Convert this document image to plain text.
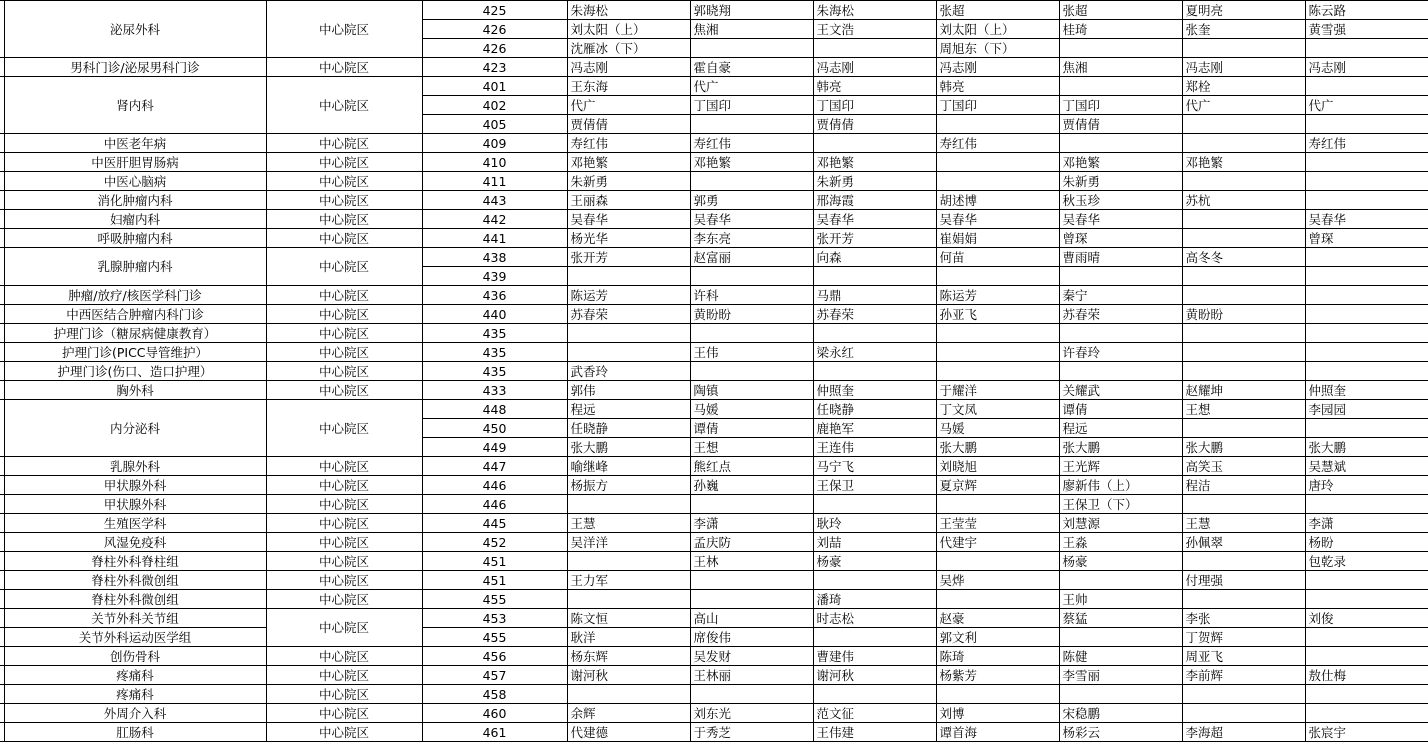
	泌尿外科	中心院区	425	朱海松	郭晓翔	朱海松	张超	张超	夏明亮	陈云路
			426	刘太阳（上）	焦湘	王文浩	刘太阳（上）	桂琦	张奎	黄雪强
			426	沈雁冰（下）			周旭东（下）			
	男科门诊/泌尿男科门诊	中心院区	423	冯志刚	霍自豪	冯志刚	冯志刚	焦湘	冯志刚	冯志刚
	肾内科	中心院区	401	王东海	代广	韩亮	韩亮		郑栓	
			402	代广	丁国印	丁国印	丁国印	丁国印	代广	代广
			405	贾倩倩		贾倩倩		贾倩倩		
	中医老年病	中心院区	409	寿红伟	寿红伟		寿红伟			寿红伟
	中医肝胆胃肠病	中心院区	410	邓艳繁	邓艳繁	邓艳繁		邓艳繁	邓艳繁	
	中医心脑病	中心院区	411	朱新勇		朱新勇		朱新勇		
	消化肿瘤内科	中心院区	443	王丽森	郭勇	邢海霞	胡述博	秋玉珍	苏杭	
	妇瘤内科	中心院区	442	吴春华	吴春华	吴春华	吴春华	吴春华		吴春华
	呼吸肿瘤内科	中心院区	441	杨光华	李东亮	张开芳	崔娟娟	曾琛		曾琛
	乳腺肿瘤内科	中心院区	438	张开芳	赵富丽	向森	何苗	曹雨晴	高冬冬	
			439							
	肿瘤/放疗/核医学科门诊	中心院区	436	陈运芳	许科	马鼎	陈运芳	秦宁		
	中西医结合肿瘤内科门诊	中心院区	440	苏春荣	黄盼盼	苏春荣	孙亚飞	苏春荣	黄盼盼	
	护理门诊（糖尿病健康教育）	中心院区	435							
	护理门诊(PICC导管维护）	中心院区	435		王伟	梁永红		许春玲		
	护理门诊(伤口、造口护理）	中心院区	435	武香玲						
	胸外科	中心院区	433	郭伟	陶镇	仲照奎	于耀洋	关耀武	赵耀坤	仲照奎
	内分泌科	中心院区	448	程远	马媛	任晓静	丁文凤	谭倩	王想	李园园
			450	任晓静	谭倩	鹿艳军	马媛	程远		
			449	张大鹏	王想	王连伟	张大鹏	张大鹏	张大鹏	张大鹏
	乳腺外科	中心院区	447	喻继峰	熊红点	马宁飞	刘晓旭	王光辉	高笑玉	吴慧斌
	甲状腺外科	中心院区	446	杨振方	孙巍	王保卫	夏京辉	廖新伟（上）	程洁	唐玲
	甲状腺外科	中心院区	446					王保卫（下）		
	生殖医学科	中心院区	445	王慧	李潇	耿玲	王莹莹	刘慧源	王慧	李潇
	风湿免疫科	中心院区	452	吴洋洋	孟庆防	刘喆	代建宇	王淼	孙佩翠	杨盼
	脊柱外科脊柱组	中心院区	451		王林	杨豪		杨豪		包乾录
	脊柱外科微创组	中心院区	451	王力军			吴烨		付理强	
	脊柱外科微创组	中心院区	455			潘琦		王帅		
	关节外科关节组	中心院区	453	陈文恒	高山	时志松	赵豪	蔡猛	李张	刘俊
	关节外科运动医学组		455	耿洋	席俊伟		郭文利		丁贺辉	
	创伤骨科	中心院区	456	杨东辉	吴发财	曹建伟	陈琦	陈健	周亚飞	
	疼痛科	中心院区	457	谢河秋	王林丽	谢河秋	杨紫芳	李雪丽	李前辉	敖仕梅
	疼痛科	中心院区	458							
	外周介入科	中心院区	460	余辉	刘东光	范文征	刘博	宋稳鹏		
	肛肠科	中心院区	461	代建德	于秀芝	王伟建	谭首海	杨彩云	李海超	张宸宇
